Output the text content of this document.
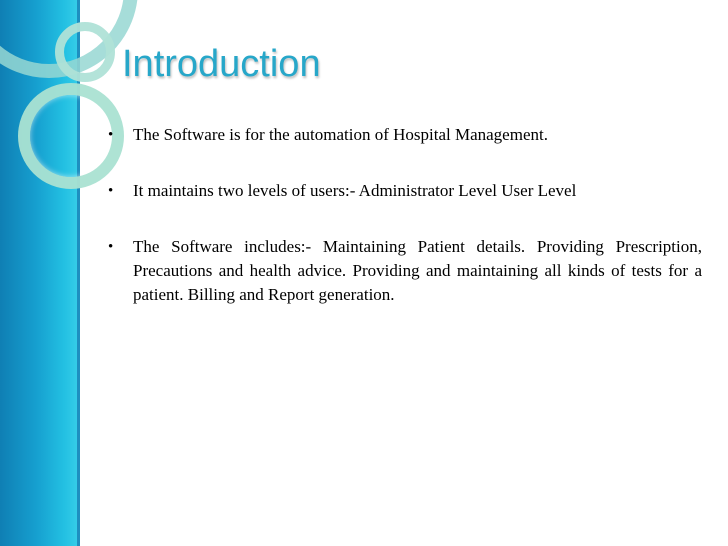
Introduction
• The Software is for the automation of Hospital Management.
• It maintains two levels of users:- Administrator Level User Level
• The Software includes:- Maintaining Patient details. Providing Prescription, Precautions and health advice. Providing and maintaining all kinds of tests for a patient. Billing and Report generation.
